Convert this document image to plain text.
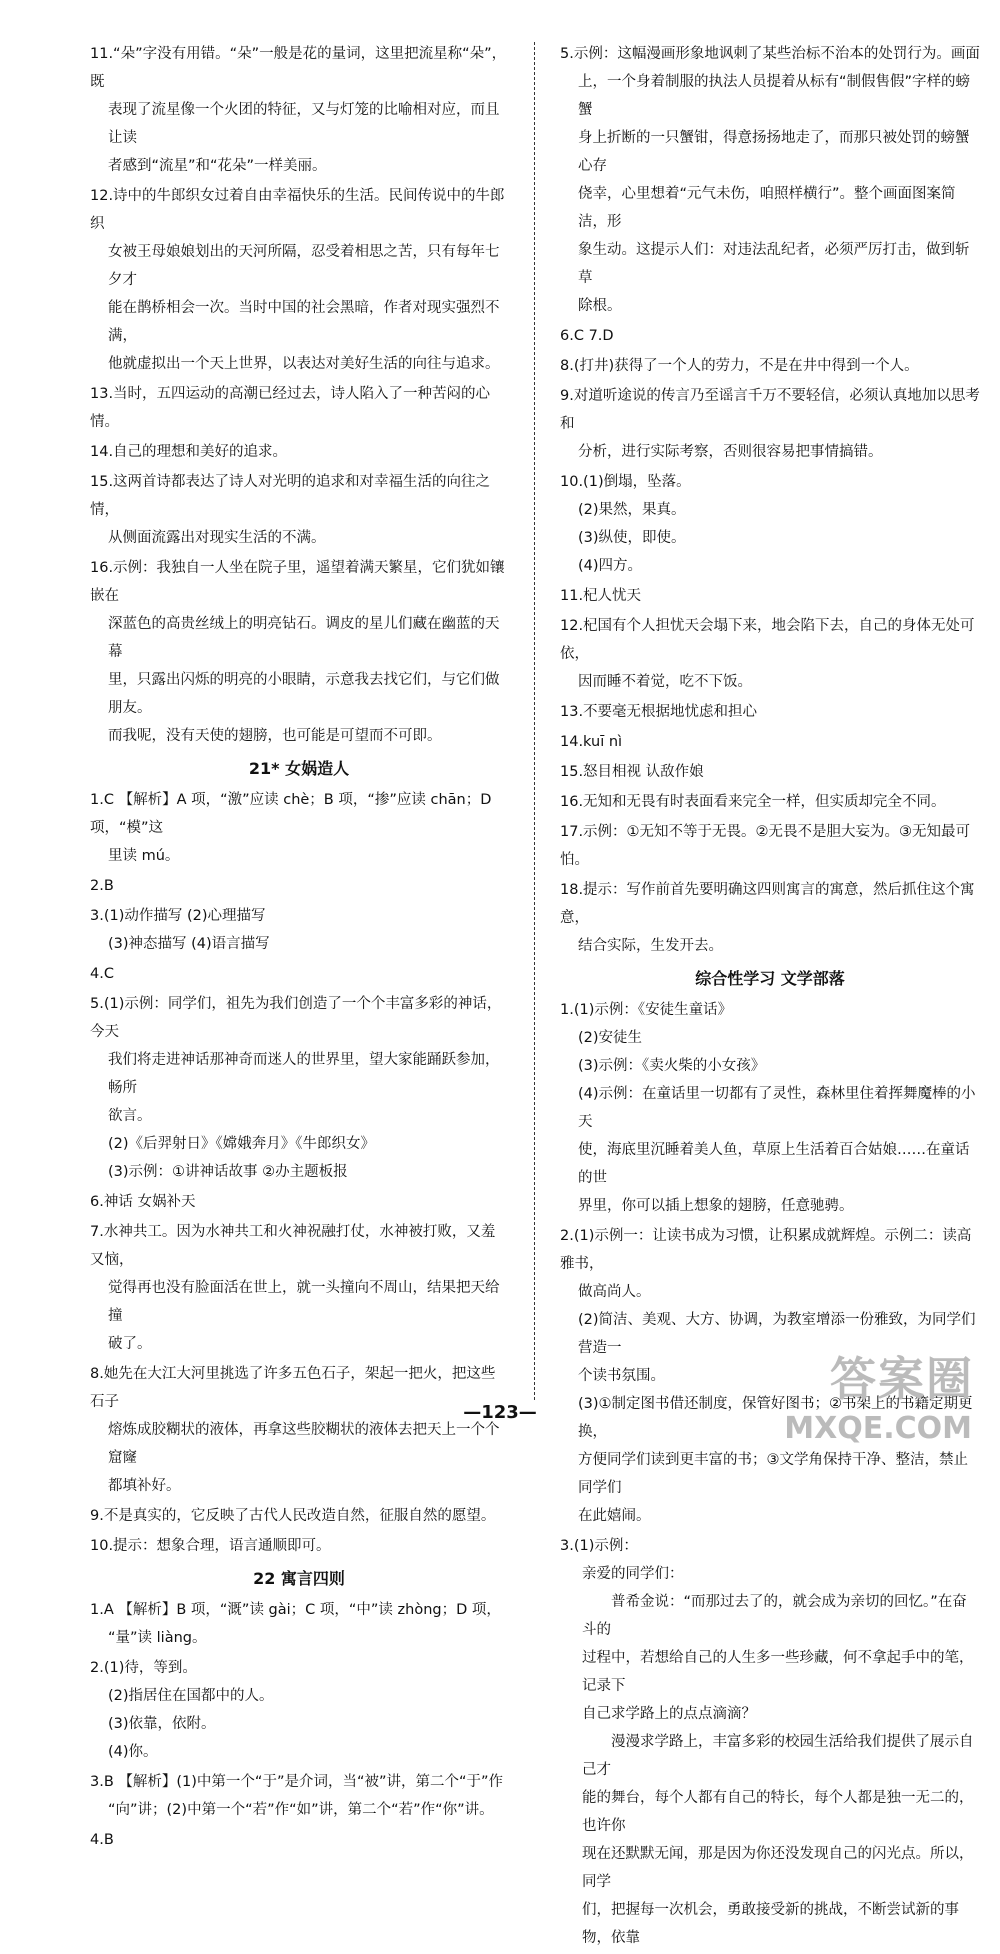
11.“朵”字没有用错。“朵”一般是花的量词，这里把流星称“朵”，既
表现了流星像一个火团的特征，又与灯笼的比喻相对应，而且让读
者感到“流星”和“花朵”一样美丽。
12.诗中的牛郎织女过着自由幸福快乐的生活。民间传说中的牛郎织
女被王母娘娘划出的天河所隔，忍受着相思之苦，只有每年七夕才
能在鹊桥相会一次。当时中国的社会黑暗，作者对现实强烈不满，
他就虚拟出一个天上世界，以表达对美好生活的向往与追求。
13.当时，五四运动的高潮已经过去，诗人陷入了一种苦闷的心情。
14.自己的理想和美好的追求。
15.这两首诗都表达了诗人对光明的追求和对幸福生活的向往之情，
从侧面流露出对现实生活的不满。
16.示例：我独自一人坐在院子里，遥望着满天繁星，它们犹如镶嵌在
深蓝色的高贵丝绒上的明亮钻石。调皮的星儿们藏在幽蓝的天幕
里，只露出闪烁的明亮的小眼睛，示意我去找它们，与它们做朋友。
而我呢，没有天使的翅膀，也可能是可望而不可即。
21* 女娲造人
1.C 【解析】A 项，“激”应读 chè；B 项，“掺”应读 chān；D 项，“模”这
里读 mú。
2.B
3.(1)动作描写 (2)心理描写
(3)神态描写 (4)语言描写
4.C
5.(1)示例：同学们，祖先为我们创造了一个个丰富多彩的神话，今天
我们将走进神话那神奇而迷人的世界里，望大家能踊跃参加，畅所
欲言。
(2)《后羿射日》《嫦娥奔月》《牛郎织女》
(3)示例：①讲神话故事 ②办主题板报
6.神话 女娲补天
7.水神共工。因为水神共工和火神祝融打仗，水神被打败，又羞又恼，
觉得再也没有脸面活在世上，就一头撞向不周山，结果把天给撞
破了。
8.她先在大江大河里挑选了许多五色石子，架起一把火，把这些石子
熔炼成胶糊状的液体，再拿这些胶糊状的液体去把天上一个个窟窿
都填补好。
9.不是真实的，它反映了古代人民改造自然，征服自然的愿望。
10.提示：想象合理，语言通顺即可。
22 寓言四则
1.A 【解析】B 项，“溉”读 gài；C 项，“中”读 zhòng；D 项，
“量”读 liàng。
2.(1)待，等到。
(2)指居住在国都中的人。
(3)依靠，依附。
(4)你。
3.B 【解析】(1)中第一个“于”是介词，当“被”讲，第二个“于”作
“向”讲；(2)中第一个“若”作“如”讲，第二个“若”作“你”讲。
4.B
5.示例：这幅漫画形象地讽刺了某些治标不治本的处罚行为。画面
上，一个身着制服的执法人员提着从标有“制假售假”字样的螃蟹
身上折断的一只蟹钳，得意扬扬地走了，而那只被处罚的螃蟹心存
侥幸，心里想着“元气未伤，咱照样横行”。整个画面图案简洁，形
象生动。这提示人们：对违法乱纪者，必须严厉打击，做到斩草
除根。
6.C 7.D
8.(打井)获得了一个人的劳力，不是在井中得到一个人。
9.对道听途说的传言乃至谣言千万不要轻信，必须认真地加以思考和
分析，进行实际考察，否则很容易把事情搞错。
10.(1)倒塌，坠落。
(2)果然，果真。
(3)纵使，即使。
(4)四方。
11.杞人忧天
12.杞国有个人担忧天会塌下来，地会陷下去，自己的身体无处可依，
因而睡不着觉，吃不下饭。
13.不要毫无根据地忧虑和担心
14.kuī nì
15.怒目相视 认敌作娘
16.无知和无畏有时表面看来完全一样，但实质却完全不同。
17.示例：①无知不等于无畏。②无畏不是胆大妄为。③无知最可怕。
18.提示：写作前首先要明确这四则寓言的寓意，然后抓住这个寓意，
结合实际，生发开去。
综合性学习 文学部落
1.(1)示例：《安徒生童话》
(2)安徒生
(3)示例：《卖火柴的小女孩》
(4)示例：在童话里一切都有了灵性，森林里住着挥舞魔棒的小天
使，海底里沉睡着美人鱼，草原上生活着百合姑娘……在童话的世
界里，你可以插上想象的翅膀，任意驰骋。
2.(1)示例一：让读书成为习惯，让积累成就辉煌。示例二：读高雅书，
做高尚人。
(2)简洁、美观、大方、协调，为教室增添一份雅致，为同学们营造一
个读书氛围。
(3)①制定图书借还制度，保管好图书；②书架上的书籍定期更换，
方便同学们读到更丰富的书；③文学角保持干净、整洁，禁止同学们
在此嬉闹。
3.(1)示例：
亲爱的同学们：
普希金说：“而那过去了的，就会成为亲切的回忆。”在奋斗的
过程中，若想给自己的人生多一些珍藏，何不拿起手中的笔，记录下
自己求学路上的点点滴滴？
漫漫求学路上，丰富多彩的校园生活给我们提供了展示自己才
能的舞台，每个人都有自己的特长，每个人都是独一无二的，也许你
现在还默默无闻，那是因为你还没发现自己的闪光点。所以，同学
们，把握每一次机会，勇敢接受新的挑战，不断尝试新的事物，依靠
—123—
答案圈
MXQE.COM
